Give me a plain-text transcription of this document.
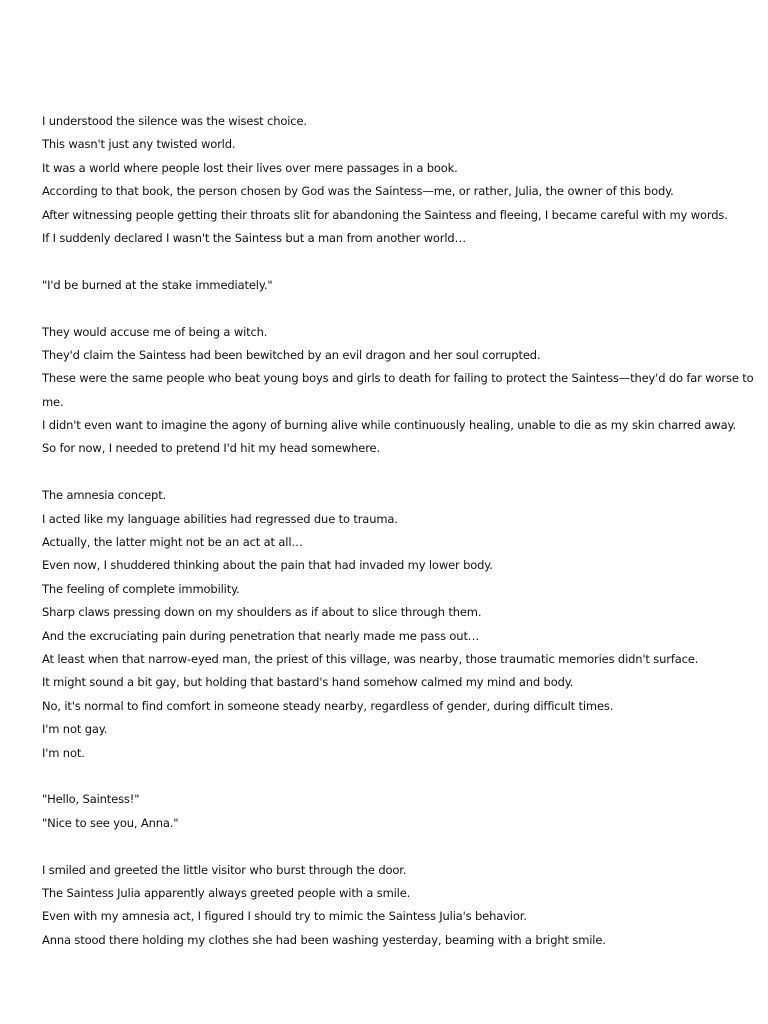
I understood the silence was the wisest choice.
This wasn't just any twisted world.
It was a world where people lost their lives over mere passages in a book.
According to that book, the person chosen by God was the Saintess—me, or rather, Julia, the owner of this body.
After witnessing people getting their throats slit for abandoning the Saintess and fleeing, I became careful with my words.
If I suddenly declared I wasn't the Saintess but a man from another world…
"I'd be burned at the stake immediately."
They would accuse me of being a witch.
They'd claim the Saintess had been bewitched by an evil dragon and her soul corrupted.
These were the same people who beat young boys and girls to death for failing to protect the Saintess—they'd do far worse to
me.
I didn't even want to imagine the agony of burning alive while continuously healing, unable to die as my skin charred away.
So for now, I needed to pretend I'd hit my head somewhere.
The amnesia concept.
I acted like my language abilities had regressed due to trauma.
Actually, the latter might not be an act at all…
Even now, I shuddered thinking about the pain that had invaded my lower body.
The feeling of complete immobility.
Sharp claws pressing down on my shoulders as if about to slice through them.
And the excruciating pain during penetration that nearly made me pass out…
At least when that narrow-eyed man, the priest of this village, was nearby, those traumatic memories didn't surface.
It might sound a bit gay, but holding that bastard's hand somehow calmed my mind and body.
No, it's normal to find comfort in someone steady nearby, regardless of gender, during difficult times.
I'm not gay.
I'm not.
"Hello, Saintess!"
"Nice to see you, Anna."
I smiled and greeted the little visitor who burst through the door.
The Saintess Julia apparently always greeted people with a smile.
Even with my amnesia act, I figured I should try to mimic the Saintess Julia's behavior.
Anna stood there holding my clothes she had been washing yesterday, beaming with a bright smile.
